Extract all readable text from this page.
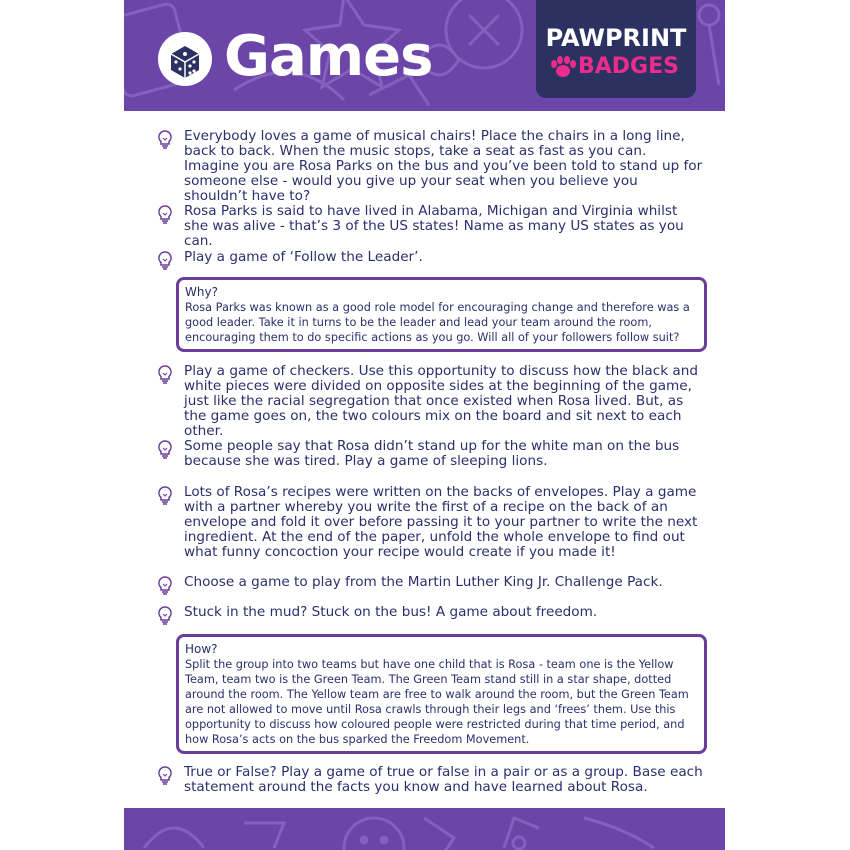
Games	PAWPRINT
BADGES
Everybody loves a game of musical chairs! Place the chairs in a long line, back to back. When the music stops, take a seat as fast as you can. Imagine you are Rosa Parks on the bus and you’ve been told to stand up for someone else - would you give up your seat when you believe you shouldn’t have to?
Rosa Parks is said to have lived in Alabama, Michigan and Virginia whilst she was alive - that’s 3 of the US states! Name as many US states as you can.
Play a game of ‘Follow the Leader’.
Why?
Rosa Parks was known as a good role model for encouraging change and therefore was a good leader. Take it in turns to be the leader and lead your team around the room, encouraging them to do specific actions as you go. Will all of your followers follow suit?
Play a game of checkers. Use this opportunity to discuss how the black and white pieces were divided on opposite sides at the beginning of the game, just like the racial segregation that once existed when Rosa lived. But, as the game goes on, the two colours mix on the board and sit next to each other.
Some people say that Rosa didn’t stand up for the white man on the bus because she was tired. Play a game of sleeping lions.
Lots of Rosa’s recipes were written on the backs of envelopes. Play a game with a partner whereby you write the first of a recipe on the back of an envelope and fold it over before passing it to your partner to write the next ingredient. At the end of the paper, unfold the whole envelope to find out what funny concoction your recipe would create if you made it!
Choose a game to play from the Martin Luther King Jr. Challenge Pack.
Stuck in the mud? Stuck on the bus! A game about freedom.
How?
Split the group into two teams but have one child that is Rosa - team one is the Yellow Team, team two is the Green Team. The Green Team stand still in a star shape, dotted around the room. The Yellow team are free to walk around the room, but the Green Team are not allowed to move until Rosa crawls through their legs and ‘frees’ them. Use this opportunity to discuss how coloured people were restricted during that time period, and how Rosa’s acts on the bus sparked the Freedom Movement.
True or False? Play a game of true or false in a pair or as a group. Base each statement around the facts you know and have learned about Rosa.
